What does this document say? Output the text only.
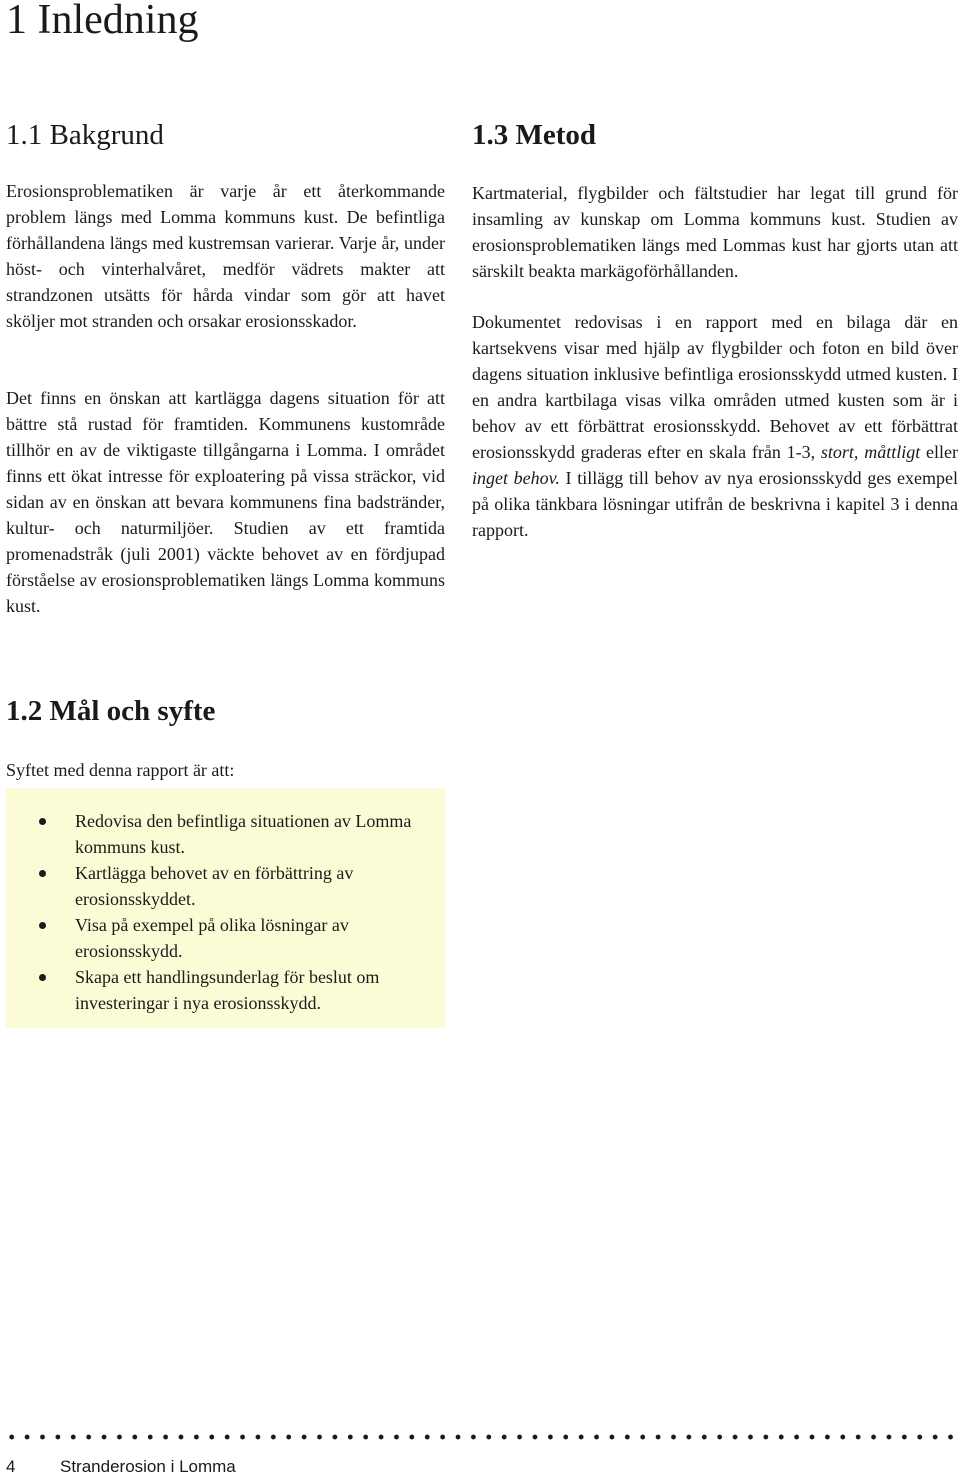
1 Inledning
1.1 Bakgrund

Erosionsproblematiken är varje år ett återkommande problem längs med Lomma kommuns kust. De befintliga förhållandena längs med kustremsan varierar. Varje år, under höst- och vinterhalvåret, medför vädrets makter att strandzonen utsätts för hårda vindar som gör att havet sköljer mot stranden och orsakar erosionsskador.

Det finns en önskan att kartlägga dagens situation för att bättre stå rustad för framtiden. Kommunens kustområde tillhör en av de viktigaste tillgångarna i Lomma. I området finns ett ökat intresse för exploatering på vissa sträckor, vid sidan av en önskan att bevara kommunens fina badstränder, kultur- och naturmiljöer. Studien av ett framtida promenadstråk (juli 2001) väckte behovet av en fördjupad förståelse av erosionsproblematiken längs Lomma kommuns kust.

1.2 Mål och syfte

Syftet med denna rapport är att:

Redovisa den befintliga situationen av Lomma kommuns kust.
Kartlägga behovet av en förbättring av erosionsskyddet.
Visa på exempel på olika lösningar av erosionsskydd.
Skapa ett handlingsunderlag för beslut om investeringar i nya erosionsskydd.
1.3 Metod

Kartmaterial, flygbilder och fältstudier har legat till grund för insamling av kunskap om Lomma kommuns kust. Studien av erosionsproblematiken längs med Lommas kust har gjorts utan att särskilt beakta markägoförhållanden.

Dokumentet redovisas i en rapport med en bilaga där en kartsekvens visar med hjälp av flygbilder och foton en bild över dagens situation inklusive befintliga erosionsskydd utmed kusten. I en andra kartbilaga visas vilka områden utmed kusten som är i behov av ett förbättrat erosionsskydd. Behovet av ett förbättrat erosionsskydd graderas efter en skala från 1-3, stort, måttligt eller inget behov. I tillägg till behov av nya erosionsskydd ges exempel på olika tänkbara lösningar utifrån de beskrivna i kapitel 3 i denna rapport.

4	Stranderosion i Lomma
